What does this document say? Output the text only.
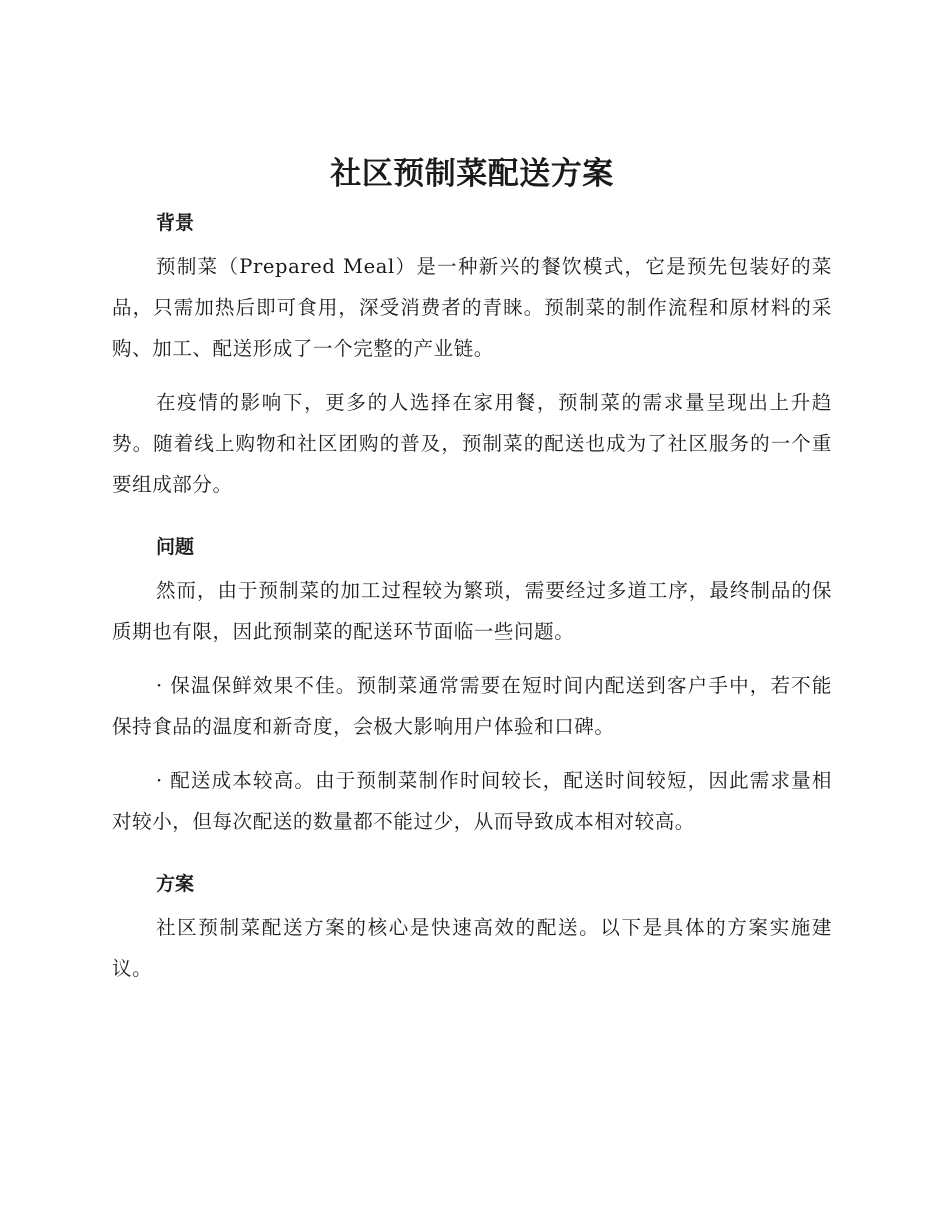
社区预制菜配送方案
背景

预制菜（Prepared Meal）是一种新兴的餐饮模式，它是预先包装好的菜品，只需加热后即可食用，深受消费者的青睐。预制菜的制作流程和原材料的采购、加工、配送形成了一个完整的产业链。

在疫情的影响下，更多的人选择在家用餐，预制菜的需求量呈现出上升趋势。随着线上购物和社区团购的普及，预制菜的配送也成为了社区服务的一个重要组成部分。

问题

然而，由于预制菜的加工过程较为繁琐，需要经过多道工序，最终制品的保质期也有限，因此预制菜的配送环节面临一些问题。

· 保温保鲜效果不佳。预制菜通常需要在短时间内配送到客户手中，若不能保持食品的温度和新奇度，会极大影响用户体验和口碑。

· 配送成本较高。由于预制菜制作时间较长，配送时间较短，因此需求量相对较小，但每次配送的数量都不能过少，从而导致成本相对较高。

方案

社区预制菜配送方案的核心是快速高效的配送。以下是具体的方案实施建议。
